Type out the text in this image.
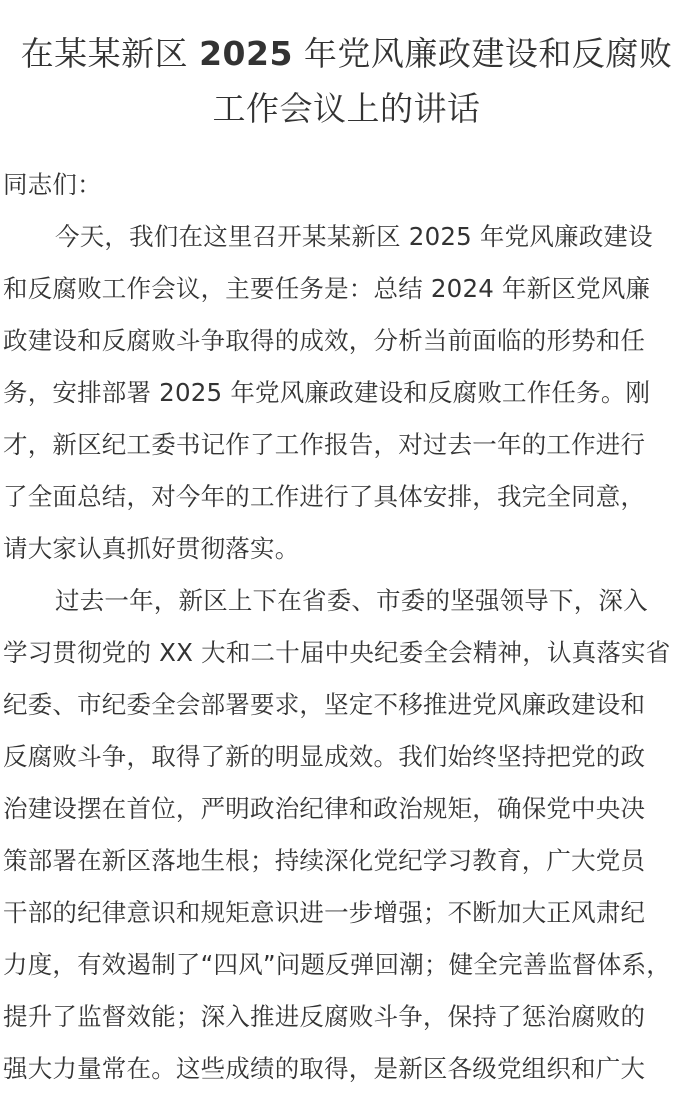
在某某新区 2025 年党风廉政建设和反腐败
工作会议上的讲话
同志们：
今天，我们在这里召开某某新区 2025 年党风廉政建设
和反腐败工作会议，主要任务是：总结 2024 年新区党风廉
政建设和反腐败斗争取得的成效，分析当前面临的形势和任
务，安排部署 2025 年党风廉政建设和反腐败工作任务。刚
才，新区纪工委书记作了工作报告，对过去一年的工作进行
了全面总结，对今年的工作进行了具体安排，我完全同意，
请大家认真抓好贯彻落实。
过去一年，新区上下在省委、市委的坚强领导下，深入
学习贯彻党的 XX 大和二十届中央纪委全会精神，认真落实省
纪委、市纪委全会部署要求，坚定不移推进党风廉政建设和
反腐败斗争，取得了新的明显成效。我们始终坚持把党的政
治建设摆在首位，严明政治纪律和政治规矩，确保党中央决
策部署在新区落地生根；持续深化党纪学习教育，广大党员
干部的纪律意识和规矩意识进一步增强；不断加大正风肃纪
力度，有效遏制了“四风”问题反弹回潮；健全完善监督体系，
提升了监督效能；深入推进反腐败斗争，保持了惩治腐败的
强大力量常在。这些成绩的取得，是新区各级党组织和广大
